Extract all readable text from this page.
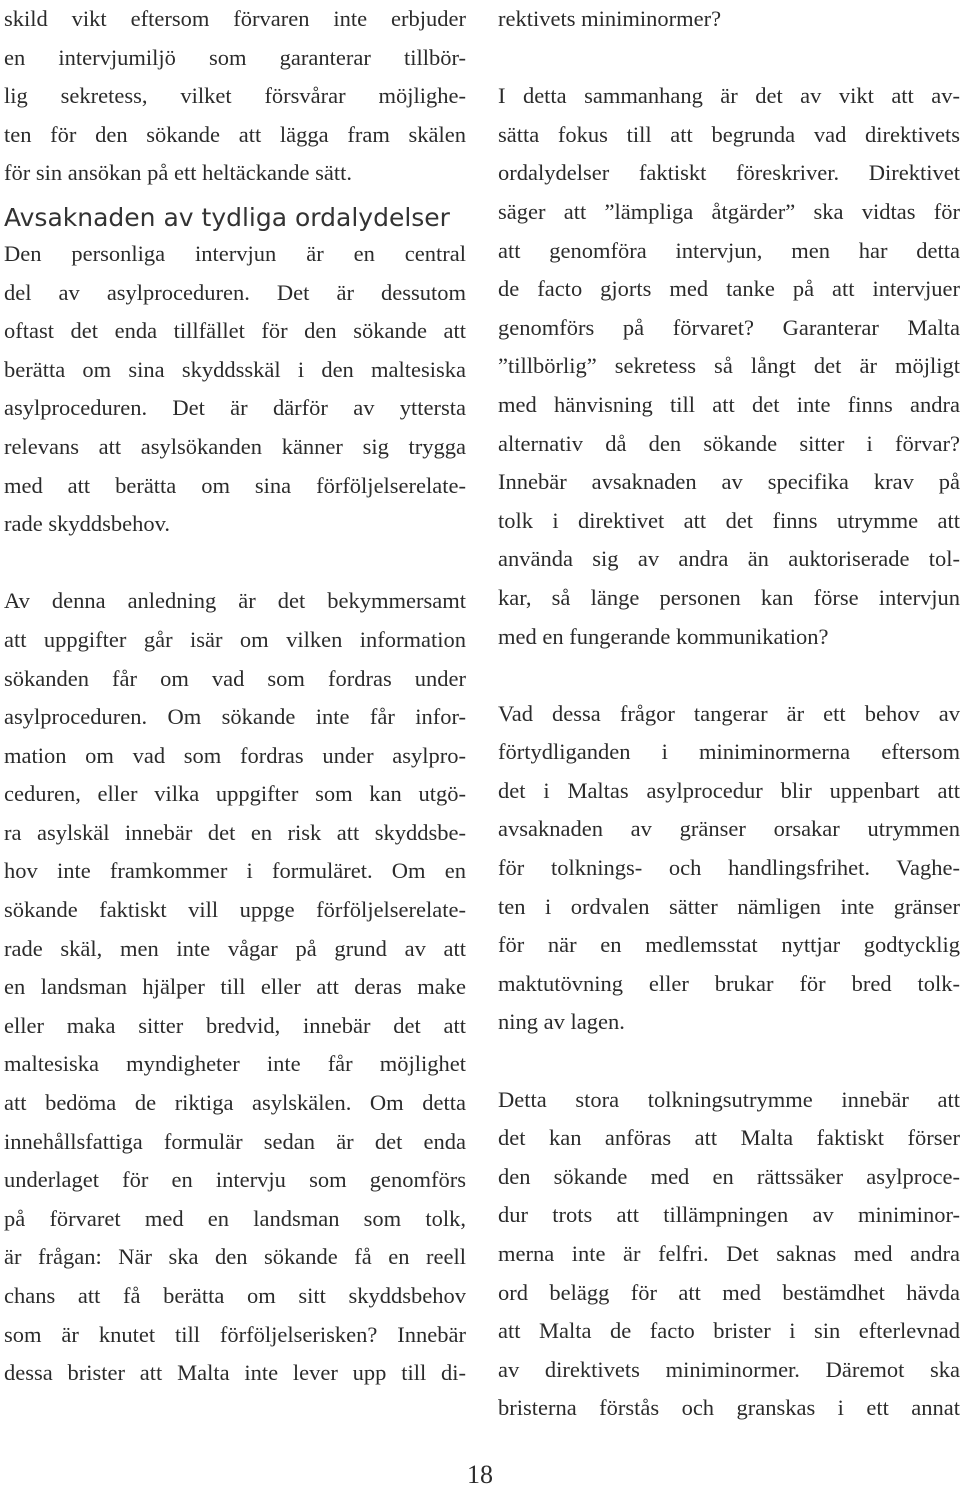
skild vikt eftersom förvaren inte erbjuder
en intervjumiljö som garanterar tillbör-
lig sekretess, vilket försvårar möjlighe-
ten för den sökande att lägga fram skälen
för sin ansökan på ett heltäckande sätt.
Avsaknaden av tydliga ordalydelser
Den personliga intervjun är en central
del av asylproceduren. Det är dessutom
oftast det enda tillfället för den sökande att
berätta om sina skyddsskäl i den maltesiska
asylproceduren. Det är därför av yttersta
relevans att asylsökanden känner sig trygga
med att berätta om sina förföljelserelate-
rade skyddsbehov.
Av denna anledning är det bekymmersamt
att uppgifter går isär om vilken information
sökanden får om vad som fordras under
asylproceduren. Om sökande inte får infor-
mation om vad som fordras under asylpro-
ceduren, eller vilka uppgifter som kan utgö-
ra asylskäl innebär det en risk att skyddsbe-
hov inte framkommer i formuläret. Om en
sökande faktiskt vill uppge förföljelserelate-
rade skäl, men inte vågar på grund av att
en landsman hjälper till eller att deras make
eller maka sitter bredvid, innebär det att
maltesiska myndigheter inte får möjlighet
att bedöma de riktiga asylskälen. Om detta
innehållsfattiga formulär sedan är det enda
underlaget för en intervju som genomförs
på förvaret med en landsman som tolk,
är frågan: När ska den sökande få en reell
chans att få berätta om sitt skyddsbehov
som är knutet till förföljelserisken? Innebär
dessa brister att Malta inte lever upp till di-
rektivets miniminormer?
I detta sammanhang är det av vikt att av-
sätta fokus till att begrunda vad direktivets
ordalydelser faktiskt föreskriver. Direktivet
säger att ”lämpliga åtgärder” ska vidtas för
att genomföra intervjun, men har detta
de facto gjorts med tanke på att intervjuer
genomförs på förvaret? Garanterar Malta
”tillbörlig” sekretess så långt det är möjligt
med hänvisning till att det inte finns andra
alternativ då den sökande sitter i förvar?
Innebär avsaknaden av specifika krav på
tolk i direktivet att det finns utrymme att
använda sig av andra än auktoriserade tol-
kar, så länge personen kan förse intervjun
med en fungerande kommunikation?
Vad dessa frågor tangerar är ett behov av
förtydliganden i miniminormerna eftersom
det i Maltas asylprocedur blir uppenbart att
avsaknaden av gränser orsakar utrymmen
för tolknings- och handlingsfrihet. Vaghe-
ten i ordvalen sätter nämligen inte gränser
för när en medlemsstat nyttjar godtycklig
maktutövning eller brukar för bred tolk-
ning av lagen.
Detta stora tolkningsutrymme innebär att
det kan anföras att Malta faktiskt förser
den sökande med en rättssäker asylproce-
dur trots att tillämpningen av miniminor-
merna inte är felfri. Det saknas med andra
ord belägg för att med bestämdhet hävda
att Malta de facto brister i sin efterlevnad
av direktivets miniminormer. Däremot ska
bristerna förstås och granskas i ett annat
18
